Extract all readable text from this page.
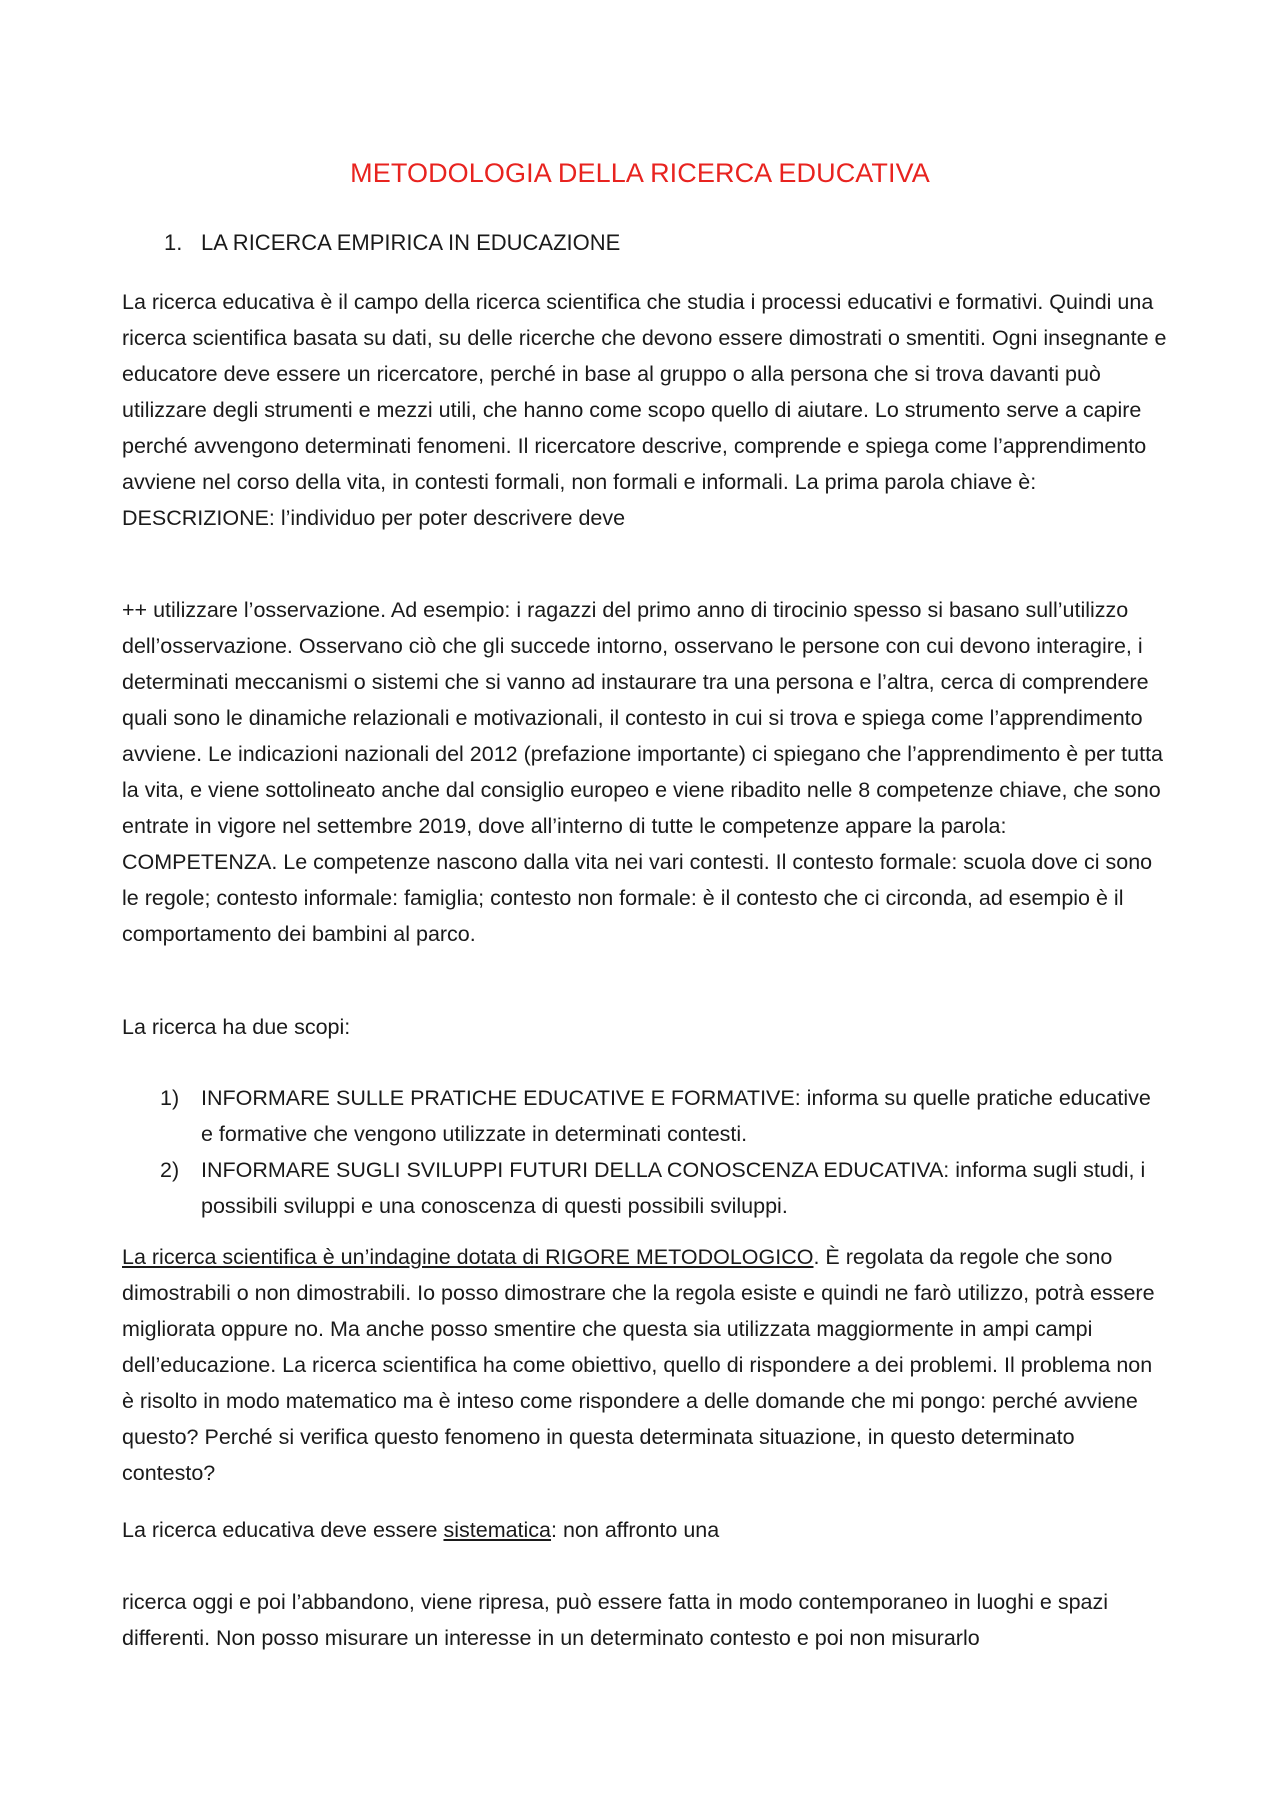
METODOLOGIA DELLA RICERCA EDUCATIVA
1. LA RICERCA EMPIRICA IN EDUCAZIONE

La ricerca educativa è il campo della ricerca scientifica che studia i processi educativi e formativi. Quindi una ricerca scientifica basata su dati, su delle ricerche che devono essere dimostrati o smentiti. Ogni insegnante e educatore deve essere un ricercatore, perché in base al gruppo o alla persona che si trova davanti può utilizzare degli strumenti e mezzi utili, che hanno come scopo quello di aiutare. Lo strumento serve a capire perché avvengono determinati fenomeni. Il ricercatore descrive, comprende e spiega come l’apprendimento avviene nel corso della vita, in contesti formali, non formali e informali. La prima parola chiave è: DESCRIZIONE: l’individuo per poter descrivere deve

++ utilizzare l’osservazione. Ad esempio: i ragazzi del primo anno di tirocinio spesso si basano sull’utilizzo dell’osservazione. Osservano ciò che gli succede intorno, osservano le persone con cui devono interagire, i determinati meccanismi o sistemi che si vanno ad instaurare tra una persona e l’altra, cerca di comprendere quali sono le dinamiche relazionali e motivazionali, il contesto in cui si trova e spiega come l’apprendimento avviene. Le indicazioni nazionali del 2012 (prefazione importante) ci spiegano che l’apprendimento è per tutta la vita, e viene sottolineato anche dal consiglio europeo e viene ribadito nelle 8 competenze chiave, che sono entrate in vigore nel settembre 2019, dove all’interno di tutte le competenze appare la parola: COMPETENZA. Le competenze nascono dalla vita nei vari contesti. Il contesto formale: scuola dove ci sono le regole; contesto informale: famiglia; contesto non formale: è il contesto che ci circonda, ad esempio è il comportamento dei bambini al parco.

La ricerca ha due scopi:

1) INFORMARE SULLE PRATICHE EDUCATIVE E FORMATIVE: informa su quelle pratiche educative e formative che vengono utilizzate in determinati contesti.
2) INFORMARE SUGLI SVILUPPI FUTURI DELLA CONOSCENZA EDUCATIVA: informa sugli studi, i possibili sviluppi e una conoscenza di questi possibili sviluppi.

La ricerca scientifica è un’indagine dotata di RIGORE METODOLOGICO. È regolata da regole che sono dimostrabili o non dimostrabili. Io posso dimostrare che la regola esiste e quindi ne farò utilizzo, potrà essere migliorata oppure no. Ma anche posso smentire che questa sia utilizzata maggiormente in ampi campi dell’educazione. La ricerca scientifica ha come obiettivo, quello di rispondere a dei problemi. Il problema non è risolto in modo matematico ma è inteso come rispondere a delle domande che mi pongo: perché avviene questo? Perché si verifica questo fenomeno in questa determinata situazione, in questo determinato contesto?

La ricerca educativa deve essere sistematica: non affronto una

ricerca oggi e poi l’abbandono, viene ripresa, può essere fatta in modo contemporaneo in luoghi e spazi differenti. Non posso misurare un interesse in un determinato contesto e poi non misurarlo
